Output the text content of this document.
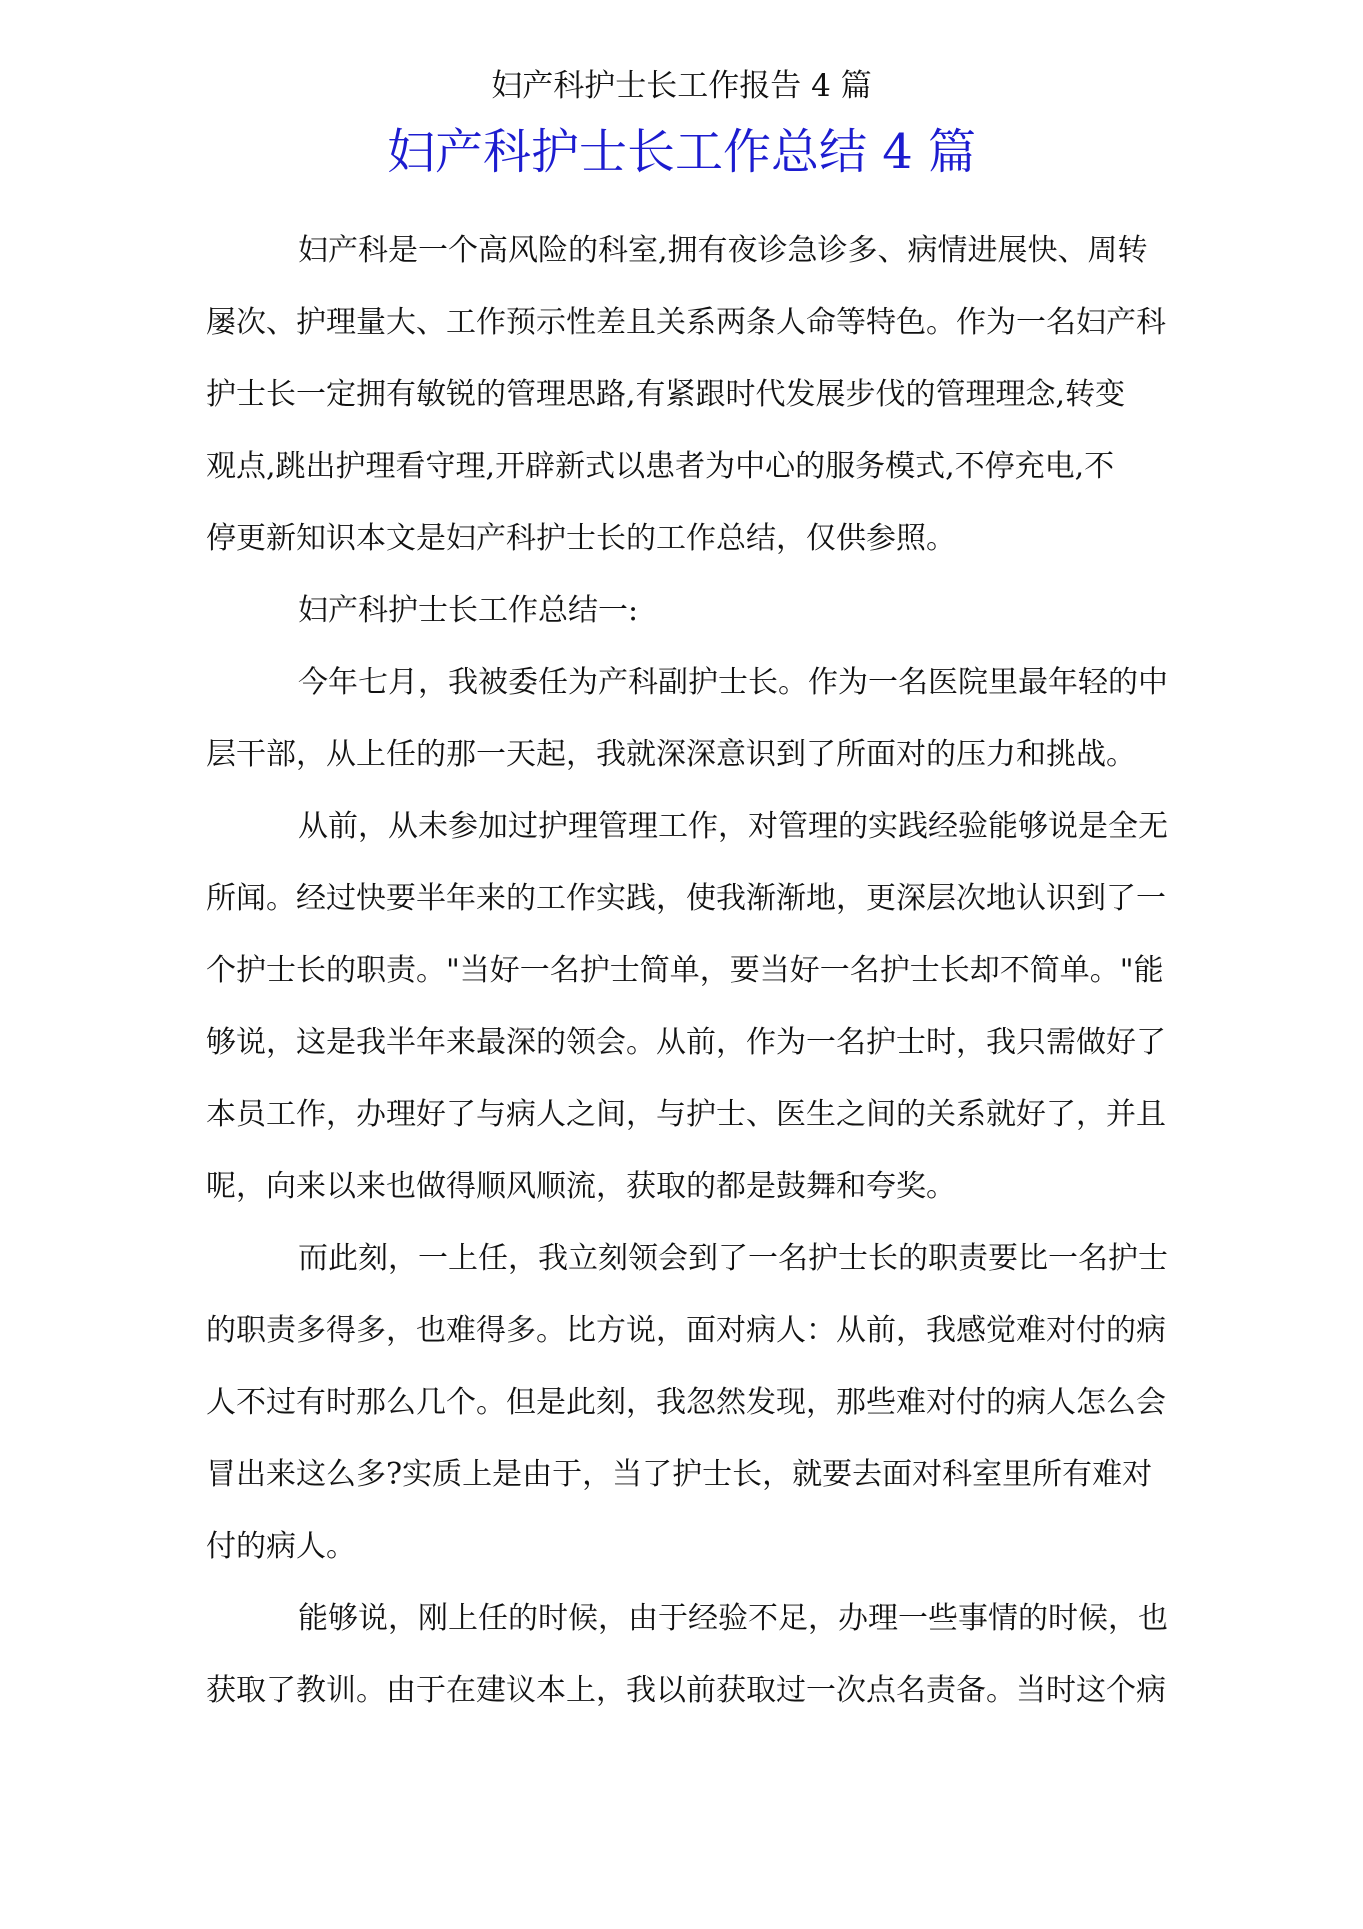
妇产科护士长工作报告 4 篇
妇产科护士长工作总结 4 篇
妇产科是一个高风险的科室,拥有夜诊急诊多、病情进展快、周转
屡次、护理量大、工作预示性差且关系两条人命等特色。作为一名妇产科
护士长一定拥有敏锐的管理思路,有紧跟时代发展步伐的管理理念,转变
观点,跳出护理看守理,开辟新式以患者为中心的服务模式,不停充电,不
停更新知识本文是妇产科护士长的工作总结，仅供参照。
妇产科护士长工作总结一:
今年七月，我被委任为产科副护士长。作为一名医院里最年轻的中
层干部，从上任的那一天起，我就深深意识到了所面对的压力和挑战。
从前，从未参加过护理管理工作，对管理的实践经验能够说是全无
所闻。经过快要半年来的工作实践，使我渐渐地，更深层次地认识到了一
个护士长的职责。"当好一名护士简单，要当好一名护士长却不简单。"能
够说，这是我半年来最深的领会。从前，作为一名护士时，我只需做好了
本员工作，办理好了与病人之间，与护士、医生之间的关系就好了，并且
呢，向来以来也做得顺风顺流，获取的都是鼓舞和夸奖。
而此刻，一上任，我立刻领会到了一名护士长的职责要比一名护士
的职责多得多，也难得多。比方说，面对病人：从前，我感觉难对付的病
人不过有时那么几个。但是此刻，我忽然发现，那些难对付的病人怎么会
冒出来这么多?实质上是由于，当了护士长，就要去面对科室里所有难对
付的病人。
能够说，刚上任的时候，由于经验不足，办理一些事情的时候，也
获取了教训。由于在建议本上，我以前获取过一次点名责备。当时这个病
